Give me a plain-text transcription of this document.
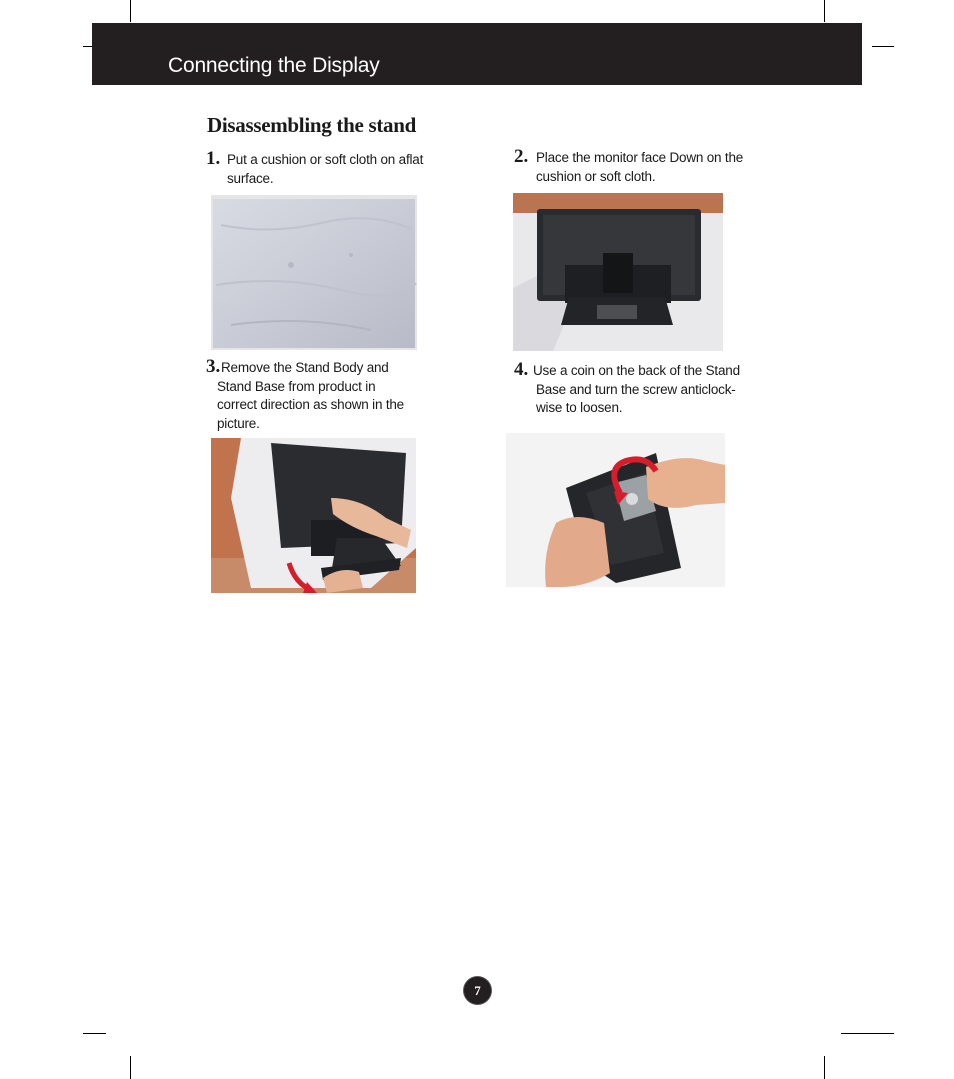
Connecting the Display
Disassembling the stand
1. Put a cushion or soft cloth on aflat
surface.

2. Place the monitor face Down on the
cushion or soft cloth.

3. Remove the Stand Body and
Stand Base from product in
correct direction as shown in the
picture.

4. Use a coin on the back of the Stand
Base and turn the screw anticlock-
wise to loosen.

7
